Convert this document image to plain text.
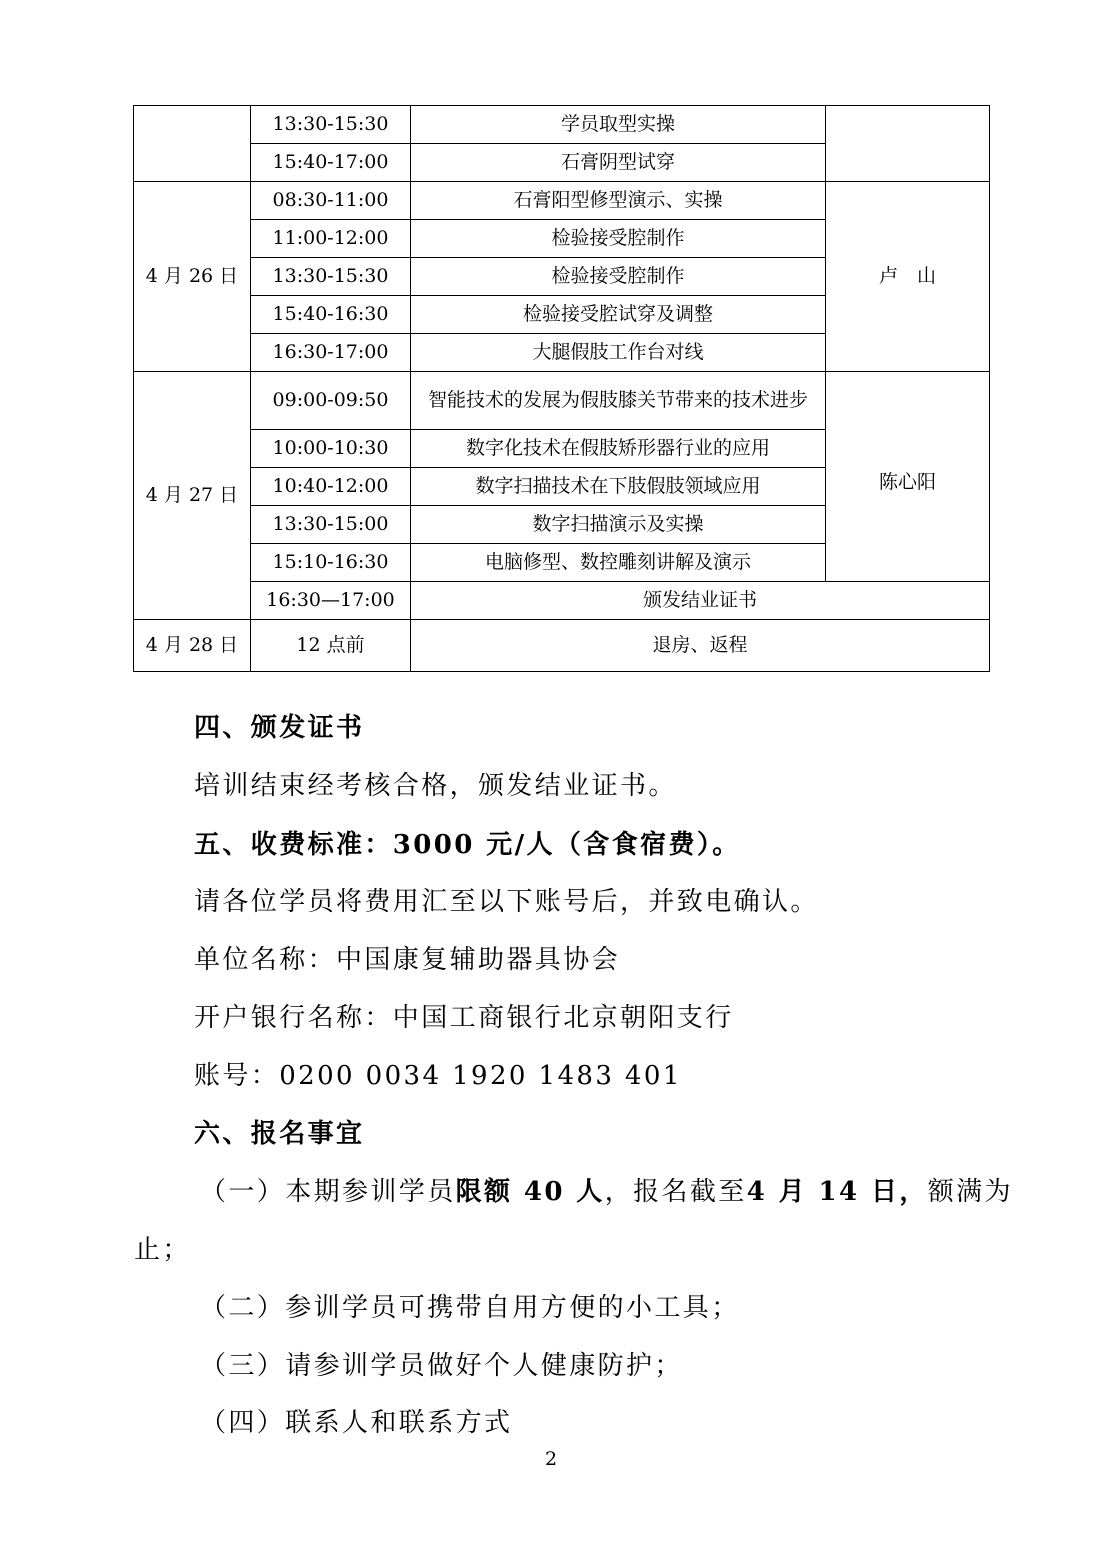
	13:30-15:30	学员取型实操	
	15:40-17:00	石膏阴型试穿	
4 月 26 日	08:30-11:00	石膏阳型修型演示、实操	卢　山
	11:00-12:00	检验接受腔制作	
	13:30-15:30	检验接受腔制作	
	15:40-16:30	检验接受腔试穿及调整	
	16:30-17:00	大腿假肢工作台对线	
4 月 27 日	09:00-09:50	智能技术的发展为假肢膝关节带来的技术进步	陈心阳
	10:00-10:30	数字化技术在假肢矫形器行业的应用	
	10:40-12:00	数字扫描技术在下肢假肢领域应用	
	13:30-15:00	数字扫描演示及实操	
	15:10-16:30	电脑修型、数控雕刻讲解及演示	
	16:30—17:00	颁发结业证书	
4 月 28 日	12 点前	退房、返程	
四、颁发证书
培训结束经考核合格，颁发结业证书。
五、收费标准：3000 元/人（含食宿费）。
请各位学员将费用汇至以下账号后，并致电确认。
单位名称：中国康复辅助器具协会
开户银行名称：中国工商银行北京朝阳支行
账号：0200 0034 1920 1483 401
六、报名事宜
（一）本期参训学员限额 40 人，报名截至4 月 14 日，额满为
止；
（二）参训学员可携带自用方便的小工具；
（三）请参训学员做好个人健康防护；
（四）联系人和联系方式
2
